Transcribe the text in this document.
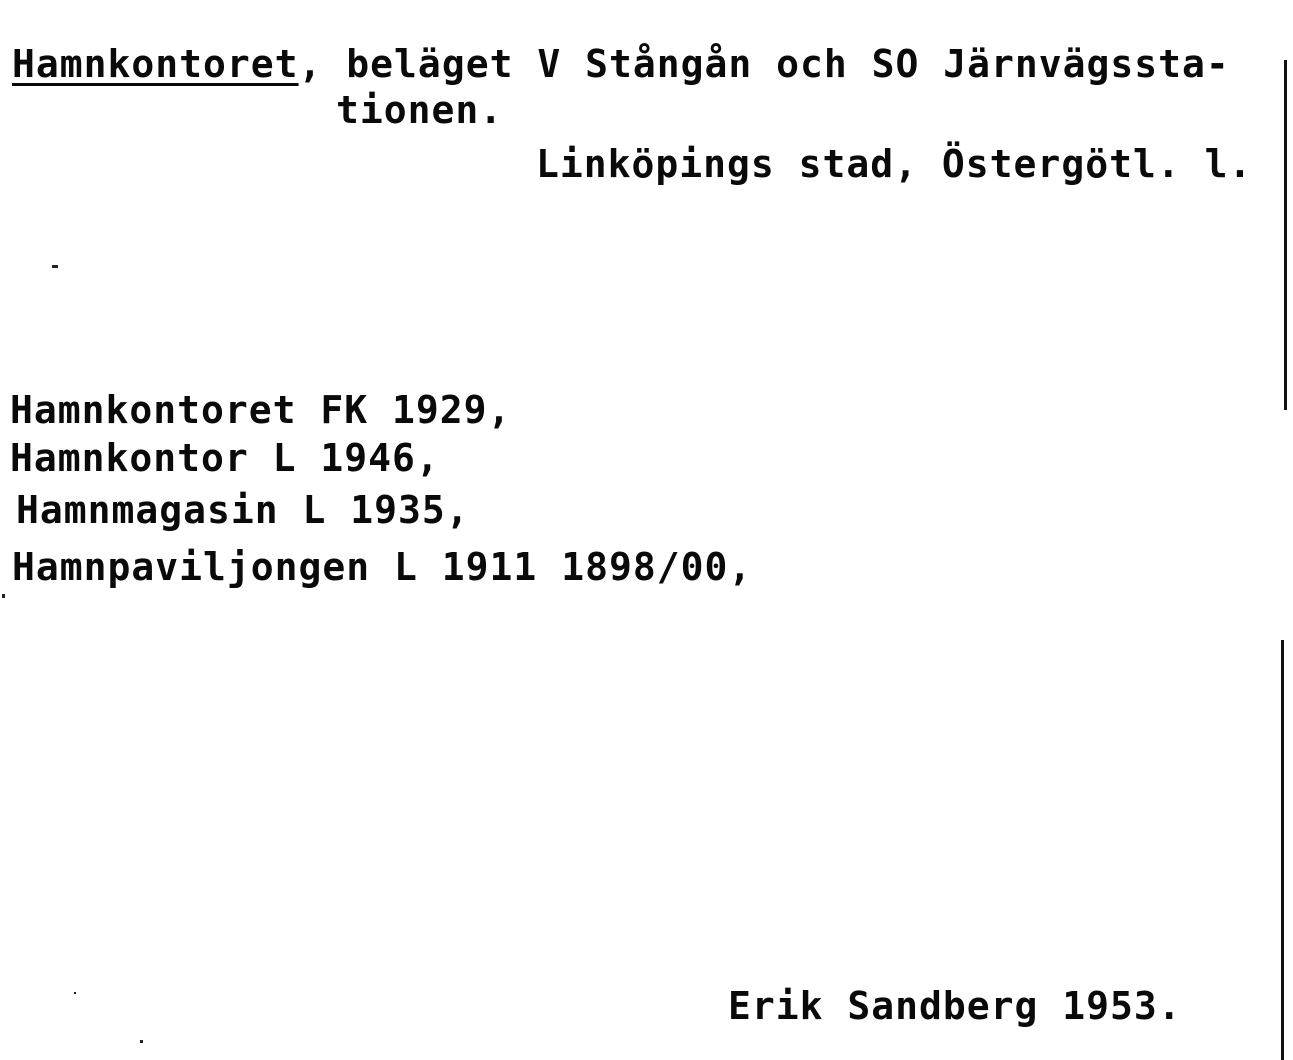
Hamnkontoret, beläget V Stångån och SO Järnvägssta-
tionen.
Linköpings stad, Östergötl. l.
Hamnkontoret FK 1929,
Hamnkontor L 1946,
Hamnmagasin L 1935,
Hamnpaviljongen L 1911 1898/00,
Erik Sandberg 1953.
